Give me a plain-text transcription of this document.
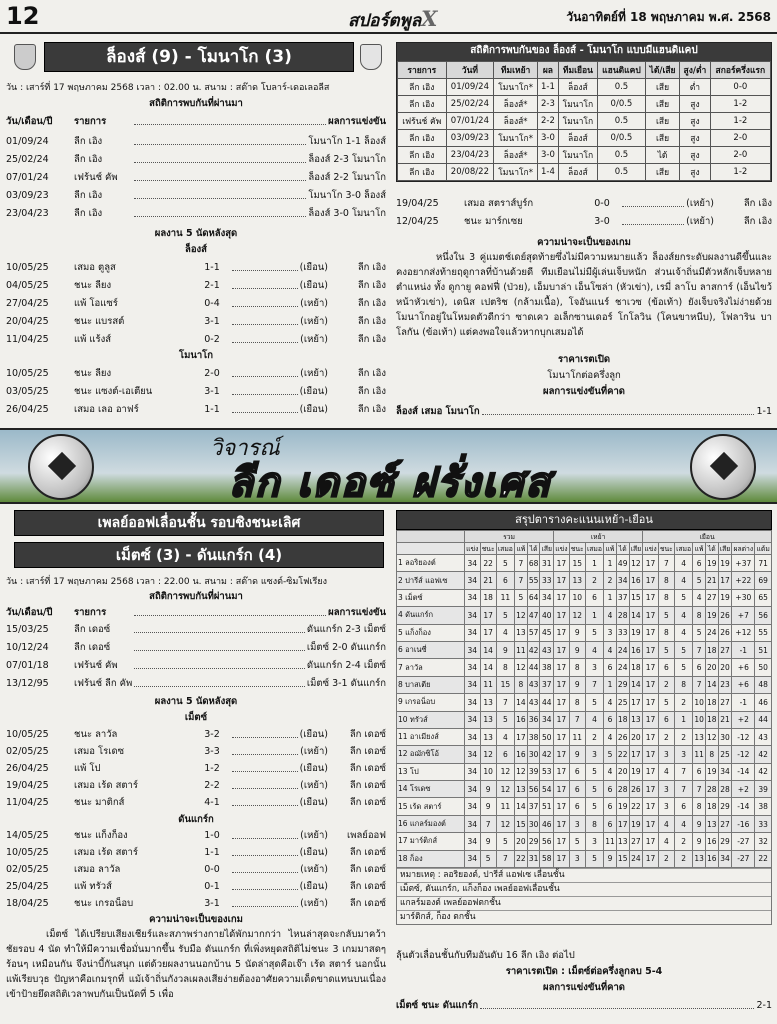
12	สปอร์ตพูลX	วันอาทิตย์ที่ 18 พฤษภาคม พ.ศ. 2568
ล็องส์ (9) - โมนาโก (3)
วัน : เสาร์ที่ 17 พฤษภาคม 2568 เวลา : 02.00 น. สนาม : สต๊าด โบลาร์-เดอเลอลีส
สถิติการพบกันที่ผ่านมา
วัน/เดือน/ปี	รายการ	ผลการแข่งขัน
01/09/24	ลีก เอิง	โมนาโก 1-1 ล็องส์
25/02/24	ลีก เอิง	ล็องส์ 2-3 โมนาโก
07/01/24	เฟร้นช์ คัพ	ล็องส์ 2-2 โมนาโก
03/09/23	ลีก เอิง	โมนาโก 3-0 ล็องส์
23/04/23	ลีก เอิง	ล็องส์ 3-0 โมนาโก
ผลงาน 5 นัดหลังสุด
ล็องส์
10/05/25	เสมอ ตูลูส	1-1	(เยือน)	ลีก เอิง
04/05/25	ชนะ ลียง	2-1	(เยือน)	ลีก เอิง
27/04/25	แพ้ โอแซร์	0-4	(เหย้า)	ลีก เอิง
20/04/25	ชนะ แบรสต์	3-1	(เหย้า)	ลีก เอิง
11/04/25	แพ้ แร้งส์	0-2	(เหย้า)	ลีก เอิง
โมนาโก
10/05/25	ชนะ ลียง	2-0	(เหย้า)	ลีก เอิง
03/05/25	ชนะ แซงต์-เอเตียน	3-1	(เยือน)	ลีก เอิง
26/04/25	เสมอ เลอ อาฟร์	1-1	(เยือน)	ลีก เอิง
สถิติการพบกันของ ล็องส์ - โมนาโก แบบมีแฮนดิแคป
รายการ	วันที่	ทีมเหย้า	ผล	ทีมเยือน	แฮนดิแคป	ได้/เสีย	สูง/ต่ำ	สกอร์ครึ่งแรก
ลีก เอิง	01/09/24	โมนาโก*	1-1	ล็องส์	0.5	เสีย	ต่ำ	0-0
ลีก เอิง	25/02/24	ล็องส์*	2-3	โมนาโก	0/0.5	เสีย	สูง	1-2
เฟร้นช์ คัพ	07/01/24	ล็องส์*	2-2	โมนาโก	0.5	เสีย	สูง	1-2
ลีก เอิง	03/09/23	โมนาโก*	3-0	ล็องส์	0/0.5	เสีย	สูง	2-0
ลีก เอิง	23/04/23	ล็องส์*	3-0	โมนาโก	0.5	ได้	สูง	2-0
ลีก เอิง	20/08/22	โมนาโก*	1-4	ล็องส์	0.5	เสีย	สูง	1-2
19/04/25	เสมอ สตราส์บูร์ก	0-0	(เหย้า)	ลีก เอิง
12/04/25	ชนะ มาร์กเซย	3-0	(เหย้า)	ลีก เอิง
ความน่าจะเป็นของเกม
หนึ่งใน 3 คู่แมตช์เดย์สุดท้ายซึ่งไม่มีความหมายแล้ว ล็องส์ยกระดับผลงานดีขึ้นและคงอยากส่งท้ายฤดูกาลที่บ้านด้วยดี ทีมเยือนไม่มีผู้เล่นเจ็บหนัก ส่วนเจ้าถิ่นมีตัวหลักเจ็บหลายตำแหน่ง ทั้ง ดูกายู คอฟฟี่ (ป่วย), เอ็มบาล่า เอ็นโซล่า (หัวเข่า), เรมี่ ลาโบ ลาสการ์ (เอ็นไขว้หน้าหัวเข่า), เดนิส เปตริช (กล้ามเนื้อ), โจอันแนร์ ชาเวซ (ข้อเท้า) ยังเจ็บจริงไม่ง่ายด้วยโมนาโกอยู่ในโหมดตัวดีกว่า ซาดเคว อเล็กซานเดอร์ โกโลวิน (โคนขาหนีบ), โฟลาริน บาโลกัน (ข้อเท้า) แต่คงพอใจแล้วหากบุกเสมอได้
ราคาเรตเปิด
โมนาโกต่อครึ่งลูก
ผลการแข่งขันที่คาด
ล็องส์ เสมอ โมนาโก	1-1
วิจารณ์
ลีก เดอซ์ ฝรั่งเศส
เพลย์ออฟเลื่อนชั้น รอบชิงชนะเลิศ
เม็ตซ์ (3) - ดันแกร์ก (4)
วัน : เสาร์ที่ 17 พฤษภาคม 2568 เวลา : 22.00 น. สนาม : สต๊าด แซงต์-ซิมโฟเรียง
สถิติการพบกันที่ผ่านมา
วัน/เดือน/ปี	รายการ	ผลการแข่งขัน
15/03/25	ลีก เดอซ์	ดันแกร์ก 2-3 เม็ตซ์
10/12/24	ลีก เดอซ์	เม็ตซ์ 2-0 ดันแกร์ก
07/01/18	เฟร้นช์ คัพ	ดันแกร์ก 2-4 เม็ตซ์
13/12/95	เฟร้นช์ ลีก คัพ	เม็ตซ์ 3-1 ดันแกร์ก
ผลงาน 5 นัดหลังสุด
เม็ตซ์
10/05/25	ชนะ ลาวัล	3-2	(เยือน)	ลีก เดอซ์
02/05/25	เสมอ โรเดซ	3-3	(เหย้า)	ลีก เดอซ์
26/04/25	แพ้ โป	1-2	(เยือน)	ลีก เดอซ์
19/04/25	เสมอ เร้ด สตาร์	2-2	(เหย้า)	ลีก เดอซ์
11/04/25	ชนะ มาติกส์	4-1	(เยือน)	ลีก เดอซ์
ดันแกร์ก
14/05/25	ชนะ แก็งก็อง	1-0	(เหย้า)	เพลย์ออฟ
10/05/25	เสมอ เร้ด สตาร์	1-1	(เยือน)	ลีก เดอซ์
02/05/25	เสมอ ลาวัล	0-0	(เหย้า)	ลีก เดอซ์
25/04/25	แพ้ ทรัวส์	0-1	(เยือน)	ลีก เดอซ์
18/04/25	ชนะ เกรอน็อบ	3-1	(เหย้า)	ลีก เดอซ์
ความน่าจะเป็นของเกม
เม็ตซ์ ได้เปรียบเสียงเชียร์และสภาพร่างกายได้พักมากกว่า ไหนล่าสุดจะกลับมาคว้าชัยรอบ 4 นัด ทำให้มีความเชื่อมั่นมากขึ้น รับมือ ดันแกร์ก ที่เพิ่งหยุดสถิติไม่ชนะ 3 เกมมาสดๆ ร้อนๆ เหมือนกัน จึงน่าบี้กันสนุก แต่ด้วยผลงานนอกบ้าน 5 นัดล่าสุดคือเจ๊า เร้ด สตาร์ นอกนั้นแพ้เรียบวุธ ปัญหาคือเกมรุกที่ แม้เจ้าถิ่นกังวลเผลงเสียง่ายต้องอาศัยความเด็ดขาดแทนบนเนื่องเข้าป้ายยึดสถิติเวลาพบกันเป็นนัดที่ 5 เพื่อ
สรุปตารางคะแนนเหย้า-เยือน
	รวม						เหย้า						เยือน							
	แข่ง	ชนะ	เสมอ	แพ้	ได้	เสีย	แข่ง	ชนะ	เสมอ	แพ้	ได้	เสีย	แข่ง	ชนะ	เสมอ	แพ้	ได้	เสีย	ผลต่าง	แต้ม
1 ลอริยองต์	34	22	5	7	68	31	17	15	1	1	49	12	17	7	4	6	19	19	+37	71
2 ปารีส์ แอฟเซ	34	21	6	7	55	33	17	13	2	2	34	16	17	8	4	5	21	17	+22	69
3 เม็ตซ์	34	18	11	5	64	34	17	10	6	1	37	15	17	8	5	4	27	19	+30	65
4 ดันแกร์ก	34	17	5	12	47	40	17	12	1	4	28	14	17	5	4	8	19	26	+7	56
5 แก็งก็อง	34	17	4	13	57	45	17	9	5	3	33	19	17	8	4	5	24	26	+12	55
6 อาเนซี่	34	14	9	11	42	43	17	9	4	4	24	16	17	5	5	7	18	27	-1	51
7 ลาวัล	34	14	8	12	44	38	17	8	3	6	24	18	17	6	5	6	20	20	+6	50
8 บาสเตีย	34	11	15	8	43	37	17	9	7	1	29	14	17	2	8	7	14	23	+6	48
9 เกรอน็อบ	34	13	7	14	43	44	17	8	5	4	25	17	17	5	2	10	18	27	-1	46
10 ทรัวส์	34	13	5	16	36	34	17	7	4	6	18	13	17	6	1	10	18	21	+2	44
11 อาเมียงส์	34	13	4	17	38	50	17	11	2	4	26	20	17	2	2	13	12	30	-12	43
12 อฌักซิโอ้	34	12	6	16	30	42	17	9	3	5	22	17	17	3	3	11	8	25	-12	42
13 โป	34	10	12	12	39	53	17	6	5	4	20	19	17	4	7	6	19	34	-14	42
14 โรเดซ	34	9	12	13	56	54	17	6	5	6	28	26	17	3	7	7	28	28	+2	39
15 เร้ด สตาร์	34	9	11	14	37	51	17	6	5	6	19	22	17	3	6	8	18	29	-14	38
16 แกลร์มองต์	34	7	12	15	30	46	17	3	8	6	17	19	17	4	4	9	13	27	-16	33
17 มาร์ติกส์	34	9	5	20	29	56	17	5	3	11	13	27	17	4	2	9	16	29	-27	32
18 ก็อง	34	5	7	22	31	58	17	3	5	9	15	24	17	2	2	13	16	34	-27	22
หมายเหตุ : ลอริยองต์, ปารีส์ แอฟเซ เลื่อนชั้น
เม็ตซ์, ดันแกร์ก, แก็งก็อง เพลย์ออฟเลื่อนชั้น
แกลร์มองต์ เพลย์ออฟตกชั้น
มาร์ติกส์, ก็อง ตกชั้น
ลุ้นตัวเลื่อนชั้นกับทีมอันดับ 16 ลีก เอิง ต่อไป
ราคาเรตเปิด : เม็ตซ์ต่อครึ่งลูกลบ 5-4
ผลการแข่งขันที่คาด
เม็ตซ์ ชนะ ดันแกร์ก	2-1
